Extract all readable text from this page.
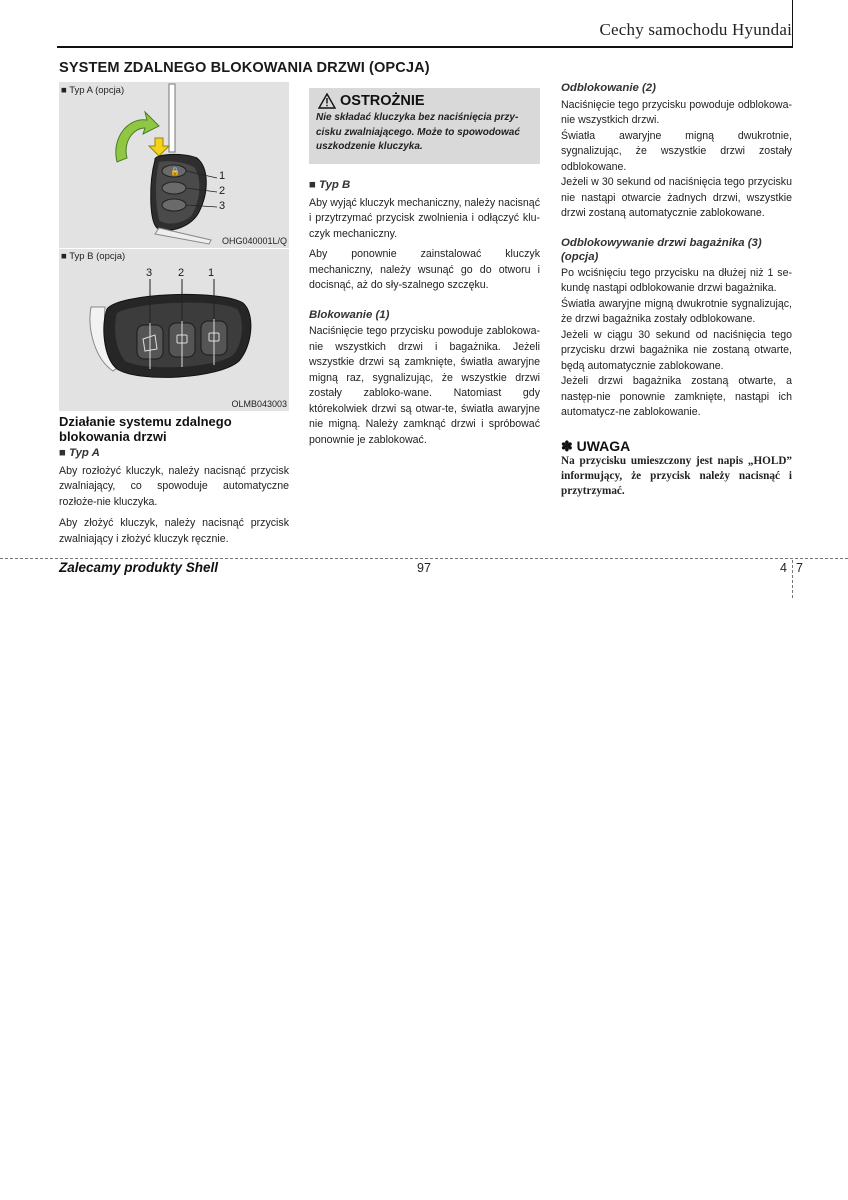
Cechy samochodu Hyundai
SYSTEM ZDALNEGO BLOKOWANIA DRZWI (OPCJA)
■ Typ A (opcja)
🔒	1
2
3
OHG040001L/Q
■ Typ B (opcja)
3 2 1
OLMB043003
Działanie systemu zdalnego
blokowania drzwi
■ Typ A

Aby rozłożyć kluczyk, należy nacisnąć przycisk zwalniający, co spowoduje automatyczne rozłoże-nie kluczyka.

Aby złożyć kluczyk, należy nacisnąć przycisk zwalniający i złożyć kluczyk ręcznie.

OSTROŻNIE
Nie składać kluczyka bez naciśnięcia przy-cisku zwalniającego. Może to spowodować uszkodzenie kluczyka.
■ Typ B

Aby wyjąć kluczyk mechaniczny, należy nacisnąć i przytrzymać przycisk zwolnienia i odłączyć klu-czyk mechaniczny.

Aby ponownie zainstalować kluczyk mechaniczny, należy wsunąć go do otworu i docisnąć, aż do sły-szalnego szczęku.

Blokowanie (1)

Naciśnięcie tego przycisku powoduje zablokowa-nie wszystkich drzwi i bagażnika. Jeżeli wszystkie drzwi są zamknięte, światła awaryjne migną raz, sygnalizując, że wszystkie drzwi zostały zabloko-wane. Natomiast gdy którekolwiek drzwi są otwar-te, światła awaryjne nie migną. Należy zamknąć drzwi i spróbować ponownie je zablokować.

Odblokowanie (2)

Naciśnięcie tego przycisku powoduje odblokowa-nie wszystkich drzwi.

Światła awaryjne migną dwukrotnie, sygnalizując, że wszystkie drzwi zostały odblokowane.

Jeżeli w 30 sekund od naciśnięcia tego przycisku nie nastąpi otwarcie żadnych drzwi, wszystkie drzwi zostaną automatycznie zablokowane.

Odblokowywanie drzwi bagażnika (3) (opcja)

Po wciśnięciu tego przycisku na dłużej niż 1 se-kundę nastąpi odblokowanie drzwi bagażnika.

Światła awaryjne migną dwukrotnie sygnalizując, że drzwi bagażnika zostały odblokowane.

Jeżeli w ciągu 30 sekund od naciśnięcia tego przycisku drzwi bagażnika nie zostaną otwarte, będą automatycznie zablokowane.

Jeżeli drzwi bagażnika zostaną otwarte, a następ-nie ponownie zamknięte, nastąpi ich automatycz-ne zablokowanie.

✽ UWAGA
Na przycisku umieszczony jest napis „HOLD” informujący, że przycisk należy nacisnąć i przytrzymać.
Zalecamy produkty Shell	97	4 7
